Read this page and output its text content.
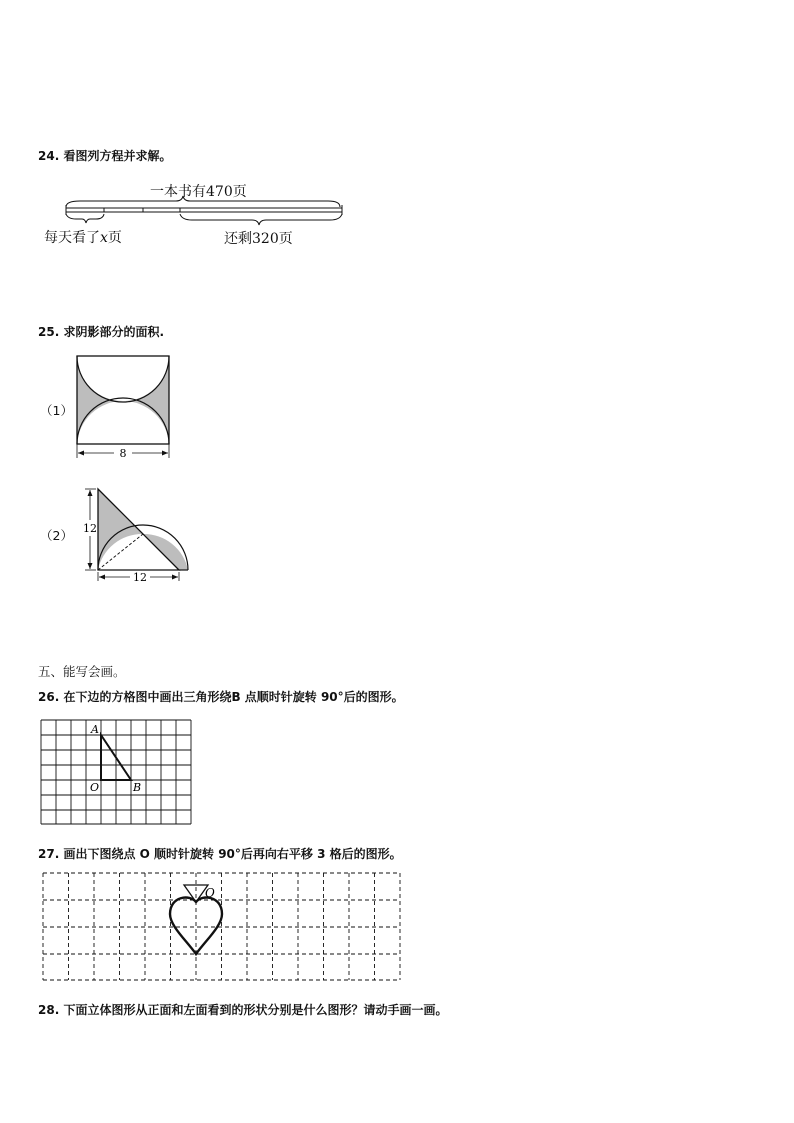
24. 看图列方程并求解。
一本书有470页
每天看了x页	还剩320页
25. 求阴影部分的面积.
（1）
8
（2） 12
12
五、能写会画。
26. 在下边的方格图中画出三角形绕B 点顺时针旋转 90°后的图形。
A
O	B
27. 画出下图绕点 O 顺时针旋转 90°后再向右平移 3 格后的图形。
O
28. 下面立体图形从正面和左面看到的形状分别是什么图形？请动手画一画。
